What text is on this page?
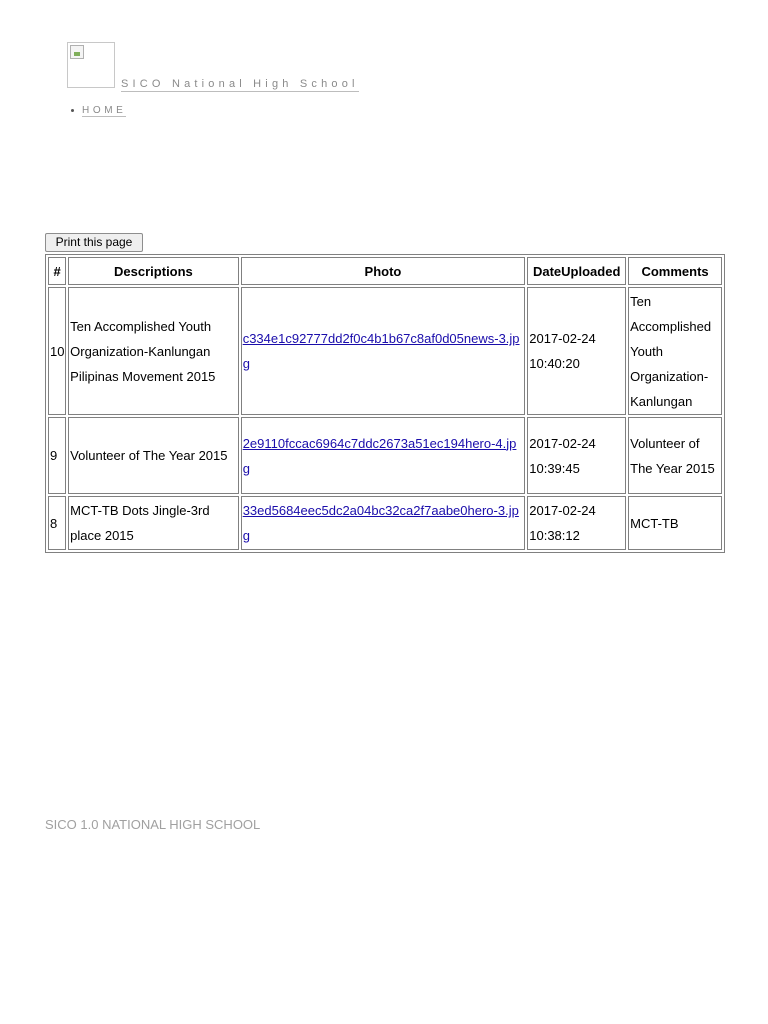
SICO National High School
HOME
Print this page
#	Descriptions	Photo	DateUploaded	Comments
10	Ten Accomplished Youth Organization-Kanlungan Pilipinas Movement 2015	c334e1c92777dd2f0c4b1b67c8af0d05news-3.jpg	2017-02-24 10:40:20	Ten Accomplished Youth Organization-Kanlungan
9	Volunteer of The Year 2015	2e9110fccac6964c7ddc2673a51ec194hero-4.jpg	2017-02-24 10:39:45	Volunteer of The Year 2015
8	MCT-TB Dots Jingle-3rd place 2015	33ed5684eec5dc2a04bc32ca2f7aabe0hero-3.jpg	2017-02-24 10:38:12	MCT-TB
SICO 1.0 NATIONAL HIGH SCHOOL
